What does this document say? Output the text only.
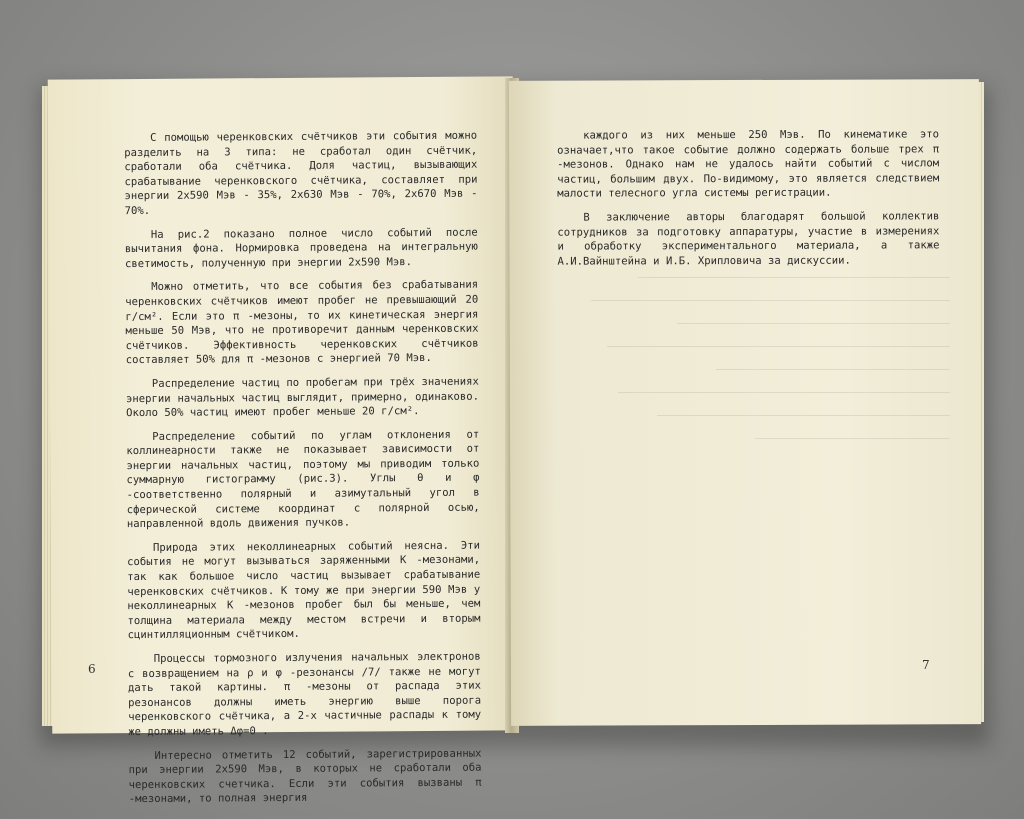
С помощью черенковских счётчиков эти события можно разделить на 3 типа: не сработал один счётчик, сработали оба счётчика. Доля частиц, вызывающих срабатывание черенковского счётчика, составляет при энергии 2x590 Мэв - 35%, 2x630 Мэв - 70%, 2x670 Мэв - 70%.

На рис.2 показано полное число событий после вычитания фона. Нормировка проведена на интегральную светимость, полученную при энергии 2x590 Мэв.

Можно отметить, что все события без срабатывания черенковских счётчиков имеют пробег не превышающий 20 г/см². Если это π -мезоны, то их кинетическая энергия меньше 50 Мэв, что не противоречит данным черенковских счётчиков. Эффективность черенковских счётчиков составляет 50% для π -мезонов с энергией 70 Мэв.

Распределение частиц по пробегам при трёх значениях энергии начальных частиц выглядит, примерно, одинаково. Около 50% частиц имеют пробег меньше 20 г/см².

Распределение событий по углам отклонения от коллинеарности также не показывает зависимости от энергии начальных частиц, поэтому мы приводим только суммарную гистограмму (рис.3). Углы θ и φ -соответственно полярный и азимутальный угол в сферической системе координат с полярной осью, направленной вдоль движения пучков.

Природа этих неколлинеарных событий неясна. Эти события не могут вызываться заряженными K -мезонами, так как большое число частиц вызывает срабатывание черенковских счётчиков. К тому же при энергии 590 Мэв у неколлинеарных K -мезонов пробег был бы меньше, чем толщина материала между местом встречи и вторым сцинтилляционным счётчиком.

Процессы тормозного излучения начальных электронов с возвращением на ρ и φ -резонансы /7/ также не могут дать такой картины. π -мезоны от распада этих резонансов должны иметь энергию выше порога черенковского счётчика, а 2-х частичные распады к тому же должны иметь Δφ=0 .

Интересно отметить 12 событий, зарегистрированных при энергии 2x590 Мэв, в которых не сработали оба черенковских счетчика. Если эти события вызваны π -мезонами, то полная энергия

каждого из них меньше 250 Мэв. По кинематике это означает,что такое событие должно содержать больше трех π -мезонов. Однако нам не удалось найти событий с числом частиц, большим двух. По-видимому, это является следствием малости телесного угла системы регистрации.

В заключение авторы благодарят большой коллектив сотрудников за подготовку аппаратуры, участие в измерениях и обработку экспериментального материала, а также А.И.Вайнштейна и И.Б. Хрипловича за дискуссии.

6	7
